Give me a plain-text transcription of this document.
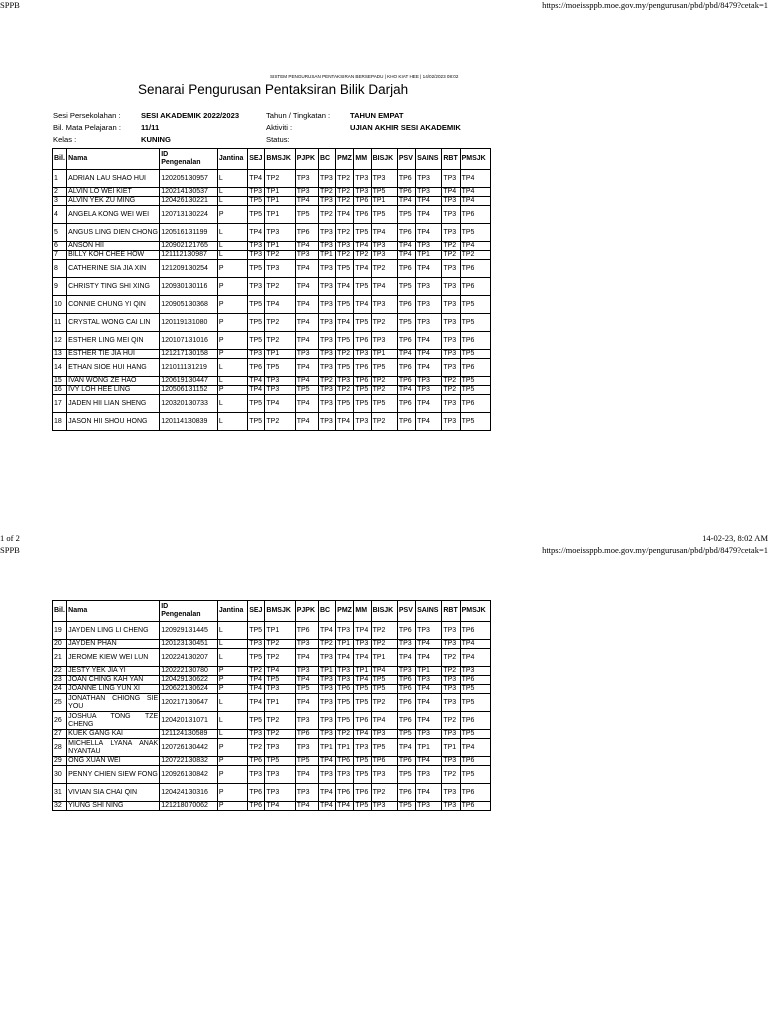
SPPB	https://moeissppb.moe.gov.my/pengurusan/pbd/pbd/8479?cetak=1
SISTEM PENGURUSAN PENTAKSIRAN BERSEPADU | KHO KIAT HEE | 14/02/2023 08:02
Senarai Pengurusan Pentaksiran Bilik Darjah
Sesi Persekolahan :	SESI AKADEMIK 2022/2023
Bil. Mata Pelajaran :	11/11
Kelas :	KUNING
Tahun / Tingkatan :	TAHUN EMPAT
Aktiviti :	UJIAN AKHIR SESI AKADEMIK
Status:
Bil.	Nama	ID
Pengenalan	Jantina	SEJ	BMSJK	PJPK	BC	PMZ	MM	BISJK	PSV	SAINS	RBT	PMSJK
1	ADRIAN LAU SHAO HUI	120205130957	L	TP4	TP2	TP3	TP3	TP2	TP3	TP3	TP6	TP3	TP3	TP4
2	ALVIN LO WEI KIET	120214130537	L	TP3	TP1	TP3	TP2	TP2	TP3	TP5	TP6	TP3	TP4	TP4
3	ALVIN YEK ZU MING	120426130221	L	TP5	TP1	TP4	TP3	TP2	TP6	TP1	TP4	TP4	TP3	TP4
4	ANGELA KONG WEI WEI	120713130224	P	TP5	TP1	TP5	TP2	TP4	TP6	TP5	TP5	TP4	TP3	TP6
5	ANGUS LING DIEN CHONG	120516131199	L	TP4	TP3	TP6	TP3	TP2	TP5	TP4	TP6	TP4	TP3	TP5
6	ANSON HII	120902121765	L	TP3	TP1	TP4	TP3	TP3	TP4	TP3	TP4	TP3	TP2	TP4
7	BILLY KOH CHEE HOW	121112130987	L	TP3	TP2	TP3	TP1	TP2	TP2	TP3	TP4	TP1	TP2	TP2
8	CATHERINE SIA JIA XIN	121209130254	P	TP5	TP3	TP4	TP3	TP5	TP4	TP2	TP6	TP4	TP3	TP6
9	CHRISTY TING SHI XING	120930130116	P	TP3	TP2	TP4	TP3	TP4	TP5	TP4	TP5	TP3	TP3	TP6
10	CONNIE CHUNG YI QIN	120905130368	P	TP5	TP4	TP4	TP3	TP5	TP4	TP3	TP6	TP3	TP3	TP5
11	CRYSTAL WONG CAI LIN	120119131080	P	TP5	TP2	TP4	TP3	TP4	TP5	TP2	TP5	TP3	TP3	TP5
12	ESTHER LING MEI QIN	120107131016	P	TP5	TP2	TP4	TP3	TP5	TP6	TP3	TP6	TP4	TP3	TP6
13	ESTHER TIE JIA HUI	121217130158	P	TP3	TP1	TP3	TP3	TP2	TP3	TP1	TP4	TP4	TP3	TP5
14	ETHAN SIOE HUI HANG	121011131219	L	TP6	TP5	TP4	TP3	TP5	TP6	TP5	TP6	TP4	TP3	TP6
15	IVAN WONG ZE HAO	120619130447	L	TP4	TP3	TP4	TP2	TP3	TP6	TP2	TP6	TP3	TP2	TP5
16	IVY LOH HEE LING	120506131152	P	TP4	TP3	TP5	TP3	TP2	TP5	TP2	TP4	TP3	TP2	TP5
17	JADEN HII LIAN SHENG	120320130733	L	TP5	TP4	TP4	TP3	TP5	TP5	TP5	TP6	TP4	TP3	TP6
18	JASON HII SHOU HONG	120114130839	L	TP5	TP2	TP4	TP3	TP4	TP3	TP2	TP6	TP4	TP3	TP5
1 of 2	14-02-23, 8:02 AM
SPPB	https://moeissppb.moe.gov.my/pengurusan/pbd/pbd/8479?cetak=1
Bil.	Nama	ID
Pengenalan	Jantina	SEJ	BMSJK	PJPK	BC	PMZ	MM	BISJK	PSV	SAINS	RBT	PMSJK
19	JAYDEN LING LI CHENG	120929131445	L	TP5	TP1	TP6	TP4	TP3	TP4	TP2	TP6	TP3	TP3	TP6
20	JAYDEN PHAN	120123130451	L	TP3	TP2	TP3	TP2	TP1	TP3	TP2	TP3	TP4	TP3	TP4
21	JEROME KIEW WEI LUN	120224130207	L	TP5	TP2	TP4	TP3	TP4	TP4	TP1	TP4	TP4	TP2	TP4
22	JESTY YEK JIA YI	120222130780	P	TP2	TP4	TP3	TP1	TP3	TP1	TP4	TP3	TP1	TP2	TP3
23	JOAN CHING KAH YAN	120429130622	P	TP4	TP5	TP4	TP3	TP3	TP4	TP5	TP6	TP3	TP3	TP6
24	JOANNE LING YUN XI	120622130624	P	TP4	TP3	TP5	TP3	TP6	TP5	TP5	TP6	TP4	TP3	TP5
25	JONATHAN CHIONG SIE YOU	120217130647	L	TP4	TP1	TP4	TP3	TP5	TP5	TP2	TP6	TP4	TP3	TP5
26	JOSHUA TONG TZE CHENG	120420131071	L	TP5	TP2	TP3	TP3	TP5	TP6	TP4	TP6	TP4	TP2	TP6
27	KUEK GANG KAI	121124130589	L	TP3	TP2	TP6	TP3	TP2	TP4	TP3	TP5	TP3	TP3	TP5
28	MICHELLA LYANA ANAK NYANTAU	120726130442	P	TP2	TP3	TP3	TP1	TP1	TP3	TP5	TP4	TP1	TP1	TP4
29	ONG XUAN WEI	120722130832	P	TP6	TP5	TP5	TP4	TP6	TP5	TP6	TP6	TP4	TP3	TP6
30	PENNY CHIEN SIEW FONG	120926130842	P	TP3	TP3	TP4	TP3	TP3	TP5	TP3	TP5	TP3	TP2	TP5
31	VIVIAN SIA CHAI QIN	120424130316	P	TP6	TP3	TP3	TP4	TP6	TP6	TP2	TP6	TP4	TP3	TP6
32	YIUNG SHI NING	121218070062	P	TP6	TP4	TP4	TP4	TP4	TP5	TP3	TP5	TP3	TP3	TP6
